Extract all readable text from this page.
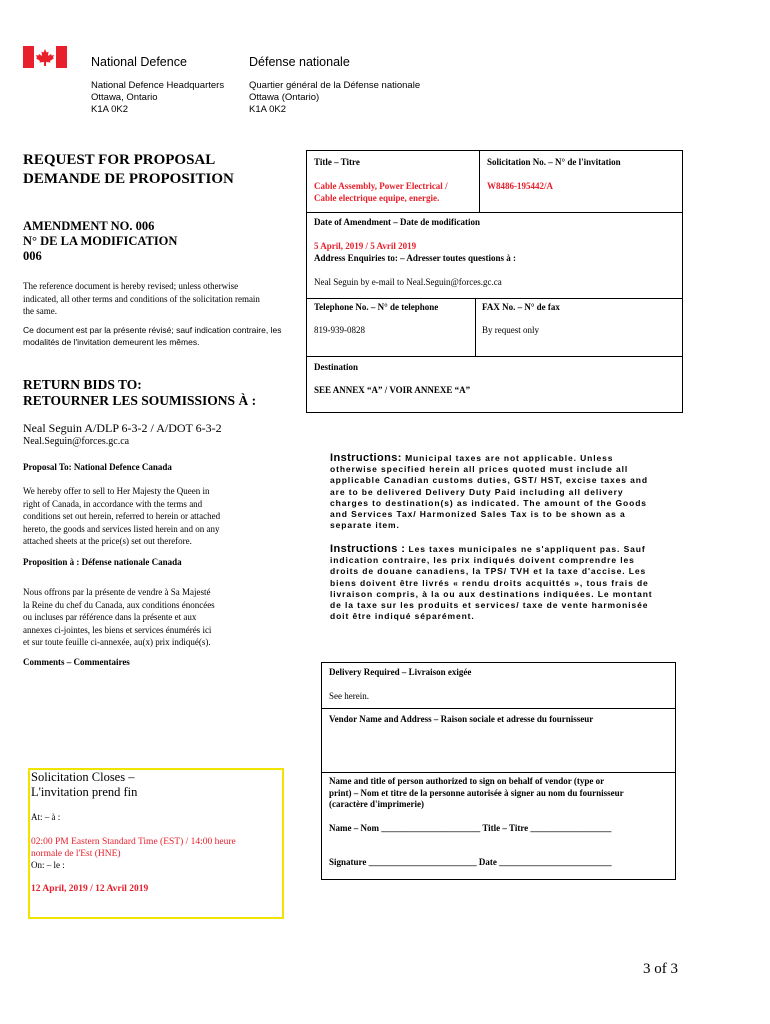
National Defence	Défense nationale
National Defence Headquarters
Ottawa, Ontario
K1A 0K2
Quartier général de la Défense nationale
Ottawa (Ontario)
K1A 0K2
REQUEST FOR PROPOSAL
DEMANDE DE PROPOSITION
AMENDMENT NO. 006
N° DE LA MODIFICATION
006
The reference document is hereby revised; unless otherwise
indicated, all other terms and conditions of the solicitation remain
the same.
Ce document est par la présente révisé; sauf indication contraire, les
modalités de l'invitation demeurent les mêmes.
RETURN BIDS TO:
RETOURNER LES SOUMISSIONS À :
Neal Seguin A/DLP 6-3-2 / A/DOT 6-3-2
Neal.Seguin@forces.gc.ca
Proposal To: National Defence Canada
We hereby offer to sell to Her Majesty the Queen in
right of Canada, in accordance with the terms and
conditions set out herein, referred to herein or attached
hereto, the goods and services listed herein and on any
attached sheets at the price(s) set out therefore.
Proposition à : Défense nationale Canada
Nous offrons par la présente de vendre à Sa Majesté
la Reine du chef du Canada, aux conditions énoncées
ou incluses par référence dans la présente et aux
annexes ci-jointes, les biens et services énumérés ici
et sur toute feuille ci-annexée, au(x) prix indiqué(s).
Comments – Commentaires
Title – Titre	Solicitation No. – N° de l'invitation
Cable Assembly, Power Electrical /
Cable electrique equipe, energie.
W8486-195442/A
Date of Amendment – Date de modification
5 April, 2019 / 5 Avril 2019
Address Enquiries to: – Adresser toutes questions à :
Neal Seguin by e-mail to Neal.Seguin@forces.gc.ca
Telephone No. – N° de telephone	FAX No. – N° de fax
819-939-0828	By request only
Destination
SEE ANNEX “A” / VOIR ANNEXE “A”
Instructions: Municipal taxes are not applicable. Unless
otherwise specified herein all prices quoted must include all
applicable Canadian customs duties, GST/ HST, excise taxes and
are to be delivered Delivery Duty Paid including all delivery
charges to destination(s) as indicated. The amount of the Goods
and Services Tax/ Harmonized Sales Tax is to be shown as a
separate item.
Instructions : Les taxes municipales ne s'appliquent pas. Sauf
indication contraire, les prix indiqués doivent comprendre les
droits de douane canadiens, la TPS/ TVH et la taxe d'accise. Les
biens doivent être livrés « rendu droits acquittés », tous frais de
livraison compris, à la ou aux destinations indiquées. Le montant
de la taxe sur les produits et services/ taxe de vente harmonisée
doit être indiqué séparément.
Delivery Required – Livraison exigée
See herein.
Vendor Name and Address – Raison sociale et adresse du fournisseur
Name and title of person authorized to sign on behalf of vendor (type or
print) – Nom et titre de la personne autorisée à signer au nom du fournisseur
(caractère d'imprimerie)
Name – Nom ______________________ Title – Titre __________________
Signature ________________________ Date _________________________
Solicitation Closes –
L'invitation prend fin
At: – à :
02:00 PM Eastern Standard Time (EST) / 14:00 heure
normale de l'Est (HNE)
On: – le :
12 April, 2019 / 12 Avril 2019
3 of 3
